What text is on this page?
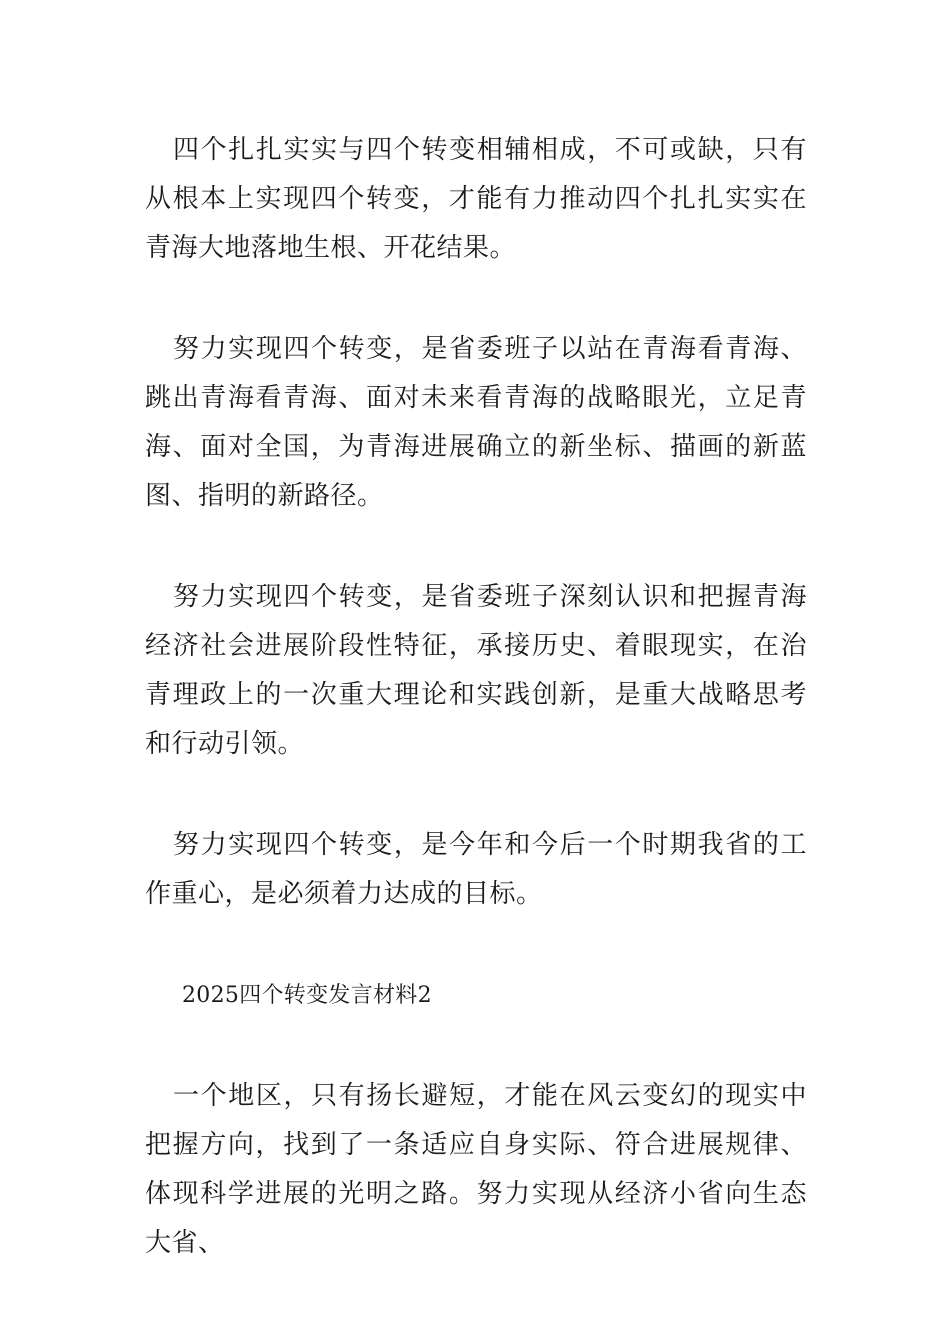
四个扎扎实实与四个转变相辅相成，不可或缺，只有从根本上实现四个转变，才能有力推动四个扎扎实实在青海大地落地生根、开花结果。

努力实现四个转变，是省委班子以站在青海看青海、跳出青海看青海、面对未来看青海的战略眼光，立足青海、面对全国，为青海进展确立的新坐标、描画的新蓝图、指明的新路径。

努力实现四个转变，是省委班子深刻认识和把握青海经济社会进展阶段性特征，承接历史、着眼现实，在治青理政上的一次重大理论和实践创新，是重大战略思考和行动引领。

努力实现四个转变，是今年和今后一个时期我省的工作重心，是必须着力达成的目标。

2025四个转变发言材料2

一个地区，只有扬长避短，才能在风云变幻的现实中把握方向，找到了一条适应自身实际、符合进展规律、体现科学进展的光明之路。努力实现从经济小省向生态大省、
